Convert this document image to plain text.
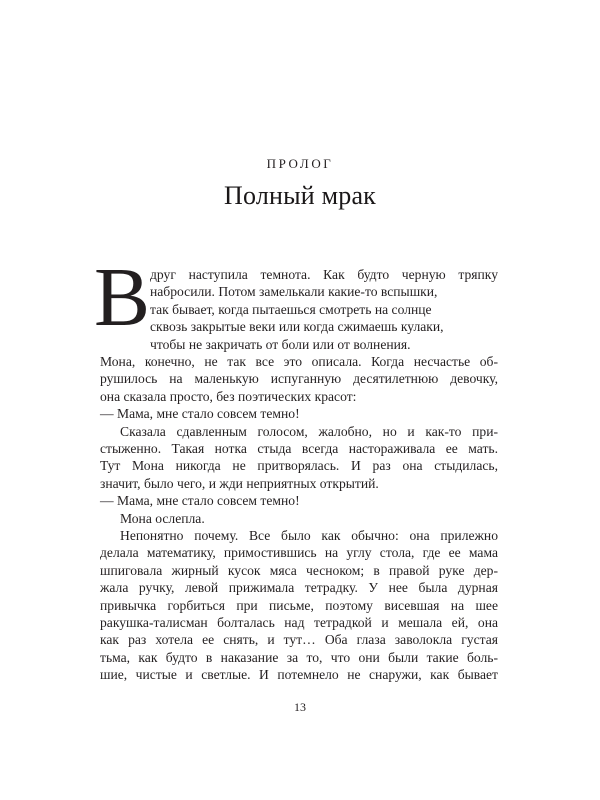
ПРОЛОГ
Полный мрак
В друг наступила темнота. Как будто черную тряпку
набросили. Потом замелькали какие-то вспышки,
так бывает, когда пытаешься смотреть на солнце
сквозь закрытые веки или когда сжимаешь кулаки,
чтобы не закричать от боли или от волнения.
Мона, конечно, не так все это описала. Когда несчастье об-
рушилось на маленькую испуганную десятилетнюю девочку,
она сказала просто, без поэтических красот:
— Мама, мне стало совсем темно!
Сказала сдавленным голосом, жалобно, но и как-то при-
стыженно. Такая нотка стыда всегда настораживала ее мать.
Тут Мона никогда не притворялась. И раз она стыдилась,
значит, было чего, и жди неприятных открытий.
— Мама, мне стало совсем темно!
Мона ослепла.
Непонятно почему. Все было как обычно: она прилежно
делала математику, примостившись на углу стола, где ее мама
шпиговала жирный кусок мяса чесноком; в правой руке дер-
жала ручку, левой прижимала тетрадку. У нее была дурная
13
привычка горбиться при письме, поэтому висевшая на шее
ракушка-талисман болталась над тетрадкой и мешала ей, она
как раз хотела ее снять, и тут… Оба глаза заволокла густая
тьма, как будто в наказание за то, что они были такие боль-
шие, чистые и светлые. И потемнело не снаружи, как бывает
